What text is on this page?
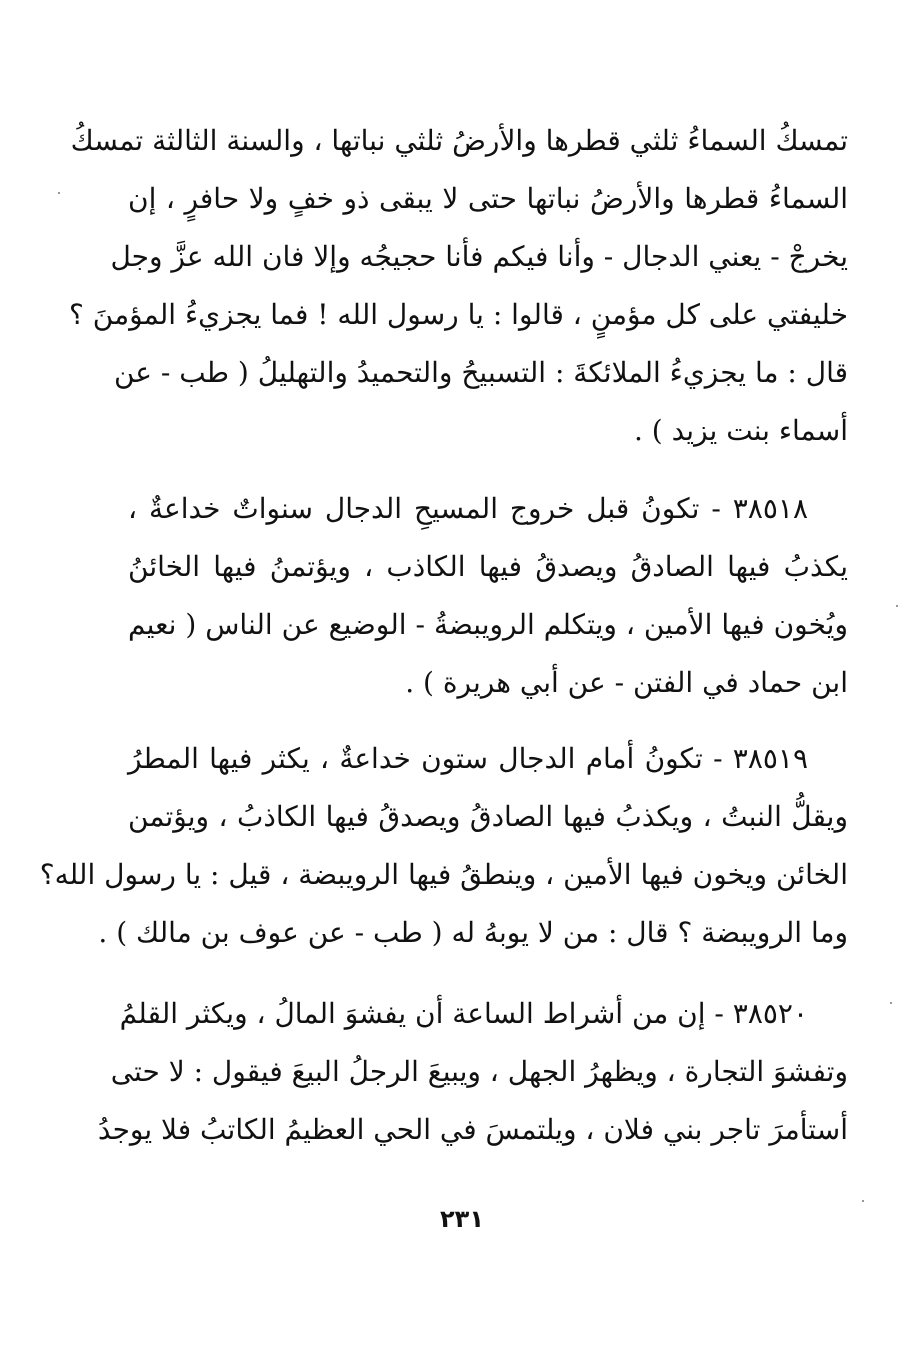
تمسكُ السماءُ ثلثي قطرها والأرضُ ثلثي نباتها ، والسنة الثالثة تمسكُ
السماءُ قطرها والأرضُ نباتها حتى لا يبقى ذو خفٍ ولا حافرٍ ، إن
يخرجْ - يعني الدجال - وأنا فيكم فأنا حجيجُه وإلا فان الله عزَّ وجل
خليفتي على كل مؤمنٍ ، قالوا : يا رسول الله ! فما يجزيءُ المؤمنَ ؟
قال : ما يجزيءُ الملائكةَ : التسبيحُ والتحميدُ والتهليلُ ( طب - عن
أسماء بنت يزيد ) .
٣٨٥١٨ - تكونُ قبل خروج المسيحِ الدجال سنواتٌ خداعةٌ ،
يكذبُ فيها الصادقُ ويصدقُ فيها الكاذب ، ويؤتمنُ فيها الخائنُ
ويُخون فيها الأمين ، ويتكلم الرويبضةُ - الوضيع عن الناس ( نعيم
ابن حماد في الفتن - عن أبي هريرة ) .
٣٨٥١٩ - تكونُ أمام الدجال ستون خداعةٌ ، يكثر فيها المطرُ
ويقلُّ النبتُ ، ويكذبُ فيها الصادقُ ويصدقُ فيها الكاذبُ ، ويؤتمن
الخائن ويخون فيها الأمين ، وينطقُ فيها الرويبضة ، قيل : يا رسول الله؟
وما الرويبضة ؟ قال : من لا يوبهُ له ( طب - عن عوف بن مالك ) .
٣٨٥٢٠ - إن من أشراط الساعة أن يفشوَ المالُ ، ويكثر القلمُ
وتفشوَ التجارة ، ويظهرُ الجهل ، ويبيعَ الرجلُ البيعَ فيقول : لا حتى
أستأمرَ تاجر بني فلان ، ويلتمسَ في الحي العظيمُ الكاتبُ فلا يوجدُ
٢٣١
